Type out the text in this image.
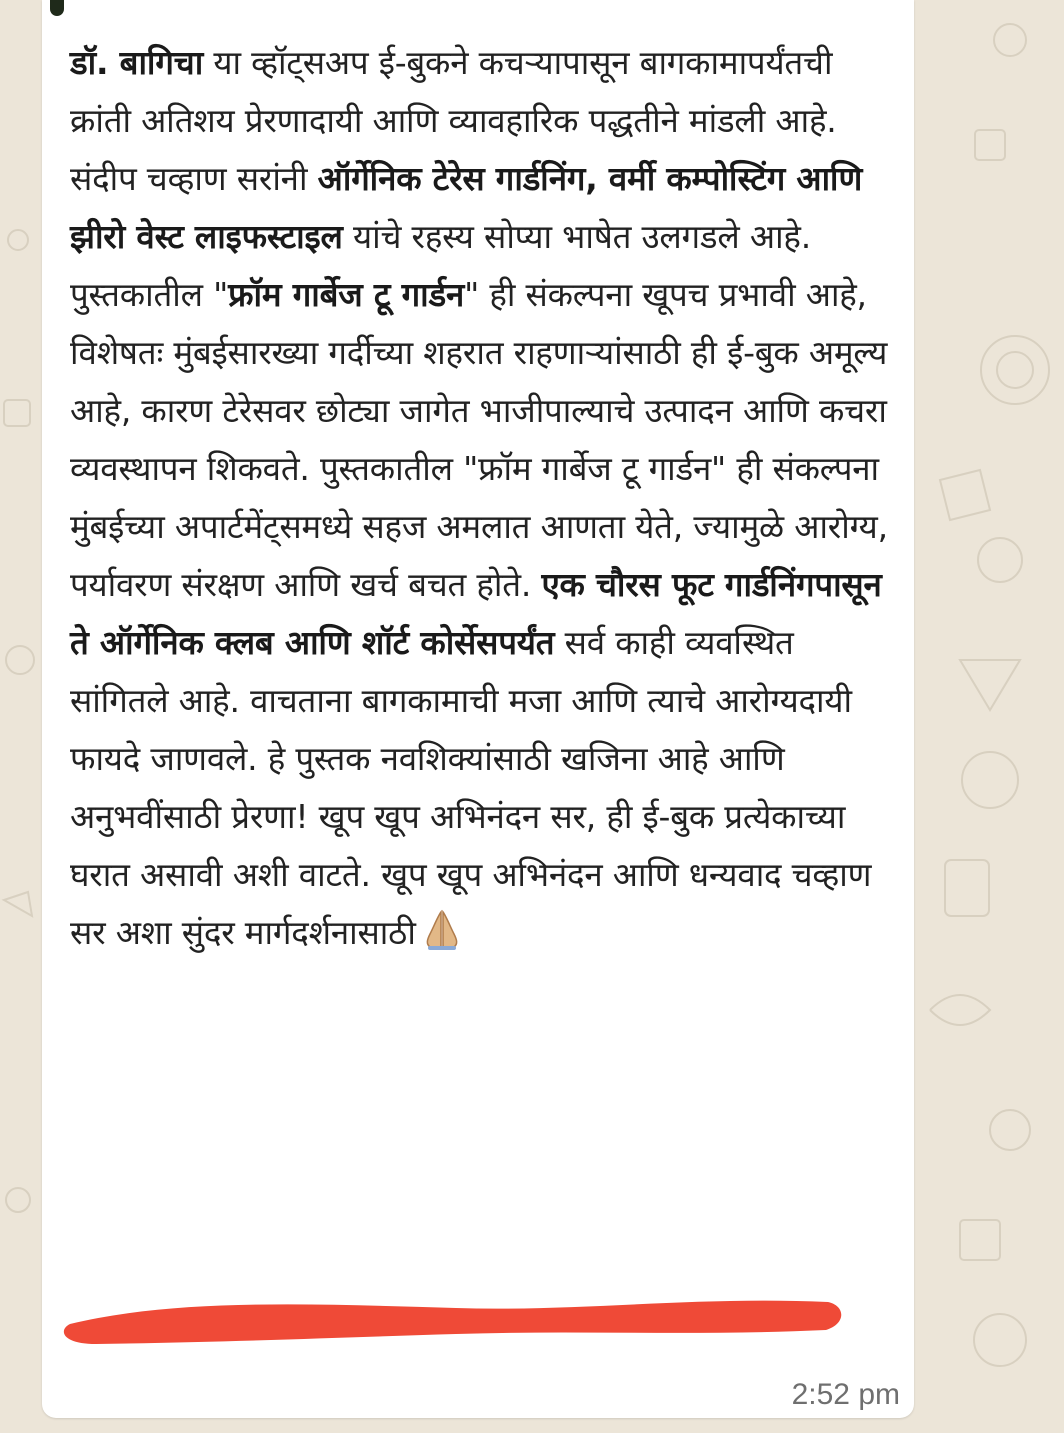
डॉ. बागिचा या व्हॉट्सअप ई-बुकने कचऱ्यापासून बागकामापर्यंतची क्रांती अतिशय प्रेरणादायी आणि व्यावहारिक पद्धतीने मांडली आहे. संदीप चव्हाण सरांनी ऑर्गेनिक टेरेस गार्डनिंग, वर्मी कम्पोस्टिंग आणि झीरो वेस्ट लाइफस्टाइल यांचे रहस्य सोप्या भाषेत उलगडले आहे. पुस्तकातील "फ्रॉम गार्बेज टू गार्डन" ही संकल्पना खूपच प्रभावी आहे, विशेषतः मुंबईसारख्या गर्दीच्या शहरात राहणाऱ्यांसाठी ही ई-बुक अमूल्य आहे, कारण टेरेसवर छोट्या जागेत भाजीपाल्याचे उत्पादन आणि कचरा व्यवस्थापन शिकवते. पुस्तकातील "फ्रॉम गार्बेज टू गार्डन" ही संकल्पना मुंबईच्या अपार्टमेंट्समध्ये सहज अमलात आणता येते, ज्यामुळे आरोग्य, पर्यावरण संरक्षण आणि खर्च बचत होते. एक चौरस फूट गार्डनिंगपासून ते ऑर्गेनिक क्लब आणि शॉर्ट कोर्सेसपर्यंत सर्व काही व्यवस्थित सांगितले आहे. वाचताना बागकामाची मजा आणि त्याचे आरोग्यदायी फायदे जाणवले. हे पुस्तक नवशिक्यांसाठी खजिना आहे आणि अनुभवींसाठी प्रेरणा! खूप खूप अभिनंदन सर, ही ई-बुक प्रत्येकाच्या घरात असावी अशी वाटते. खूप खूप अभिनंदन आणि धन्यवाद चव्हाण सर अशा सुंदर मार्गदर्शनासाठी
2:52 pm
